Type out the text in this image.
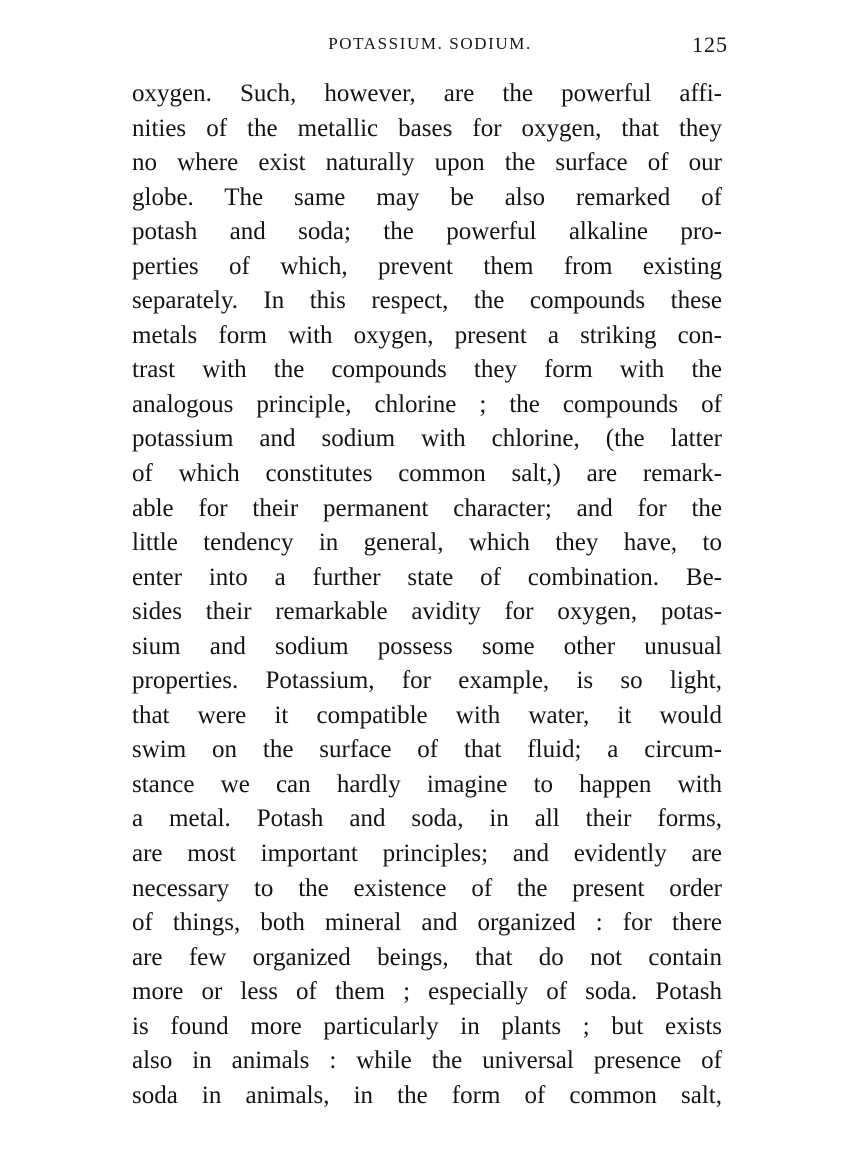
POTASSIUM. SODIUM.	125
oxygen. Such, however, are the powerful affi-
nities of the metallic bases for oxygen, that they
no where exist naturally upon the surface of our
globe. The same may be also remarked of
potash and soda; the powerful alkaline pro-
perties of which, prevent them from existing
separately. In this respect, the compounds these
metals form with oxygen, present a striking con-
trast with the compounds they form with the
analogous principle, chlorine ; the compounds of
potassium and sodium with chlorine, (the latter
of which constitutes common salt,) are remark-
able for their permanent character; and for the
little tendency in general, which they have, to
enter into a further state of combination. Be-
sides their remarkable avidity for oxygen, potas-
sium and sodium possess some other unusual
properties. Potassium, for example, is so light,
that were it compatible with water, it would
swim on the surface of that fluid; a circum-
stance we can hardly imagine to happen with
a metal. Potash and soda, in all their forms,
are most important principles; and evidently are
necessary to the existence of the present order
of things, both mineral and organized : for there
are few organized beings, that do not contain
more or less of them ; especially of soda. Potash
is found more particularly in plants ; but exists
also in animals : while the universal presence of
soda in animals, in the form of common salt,
